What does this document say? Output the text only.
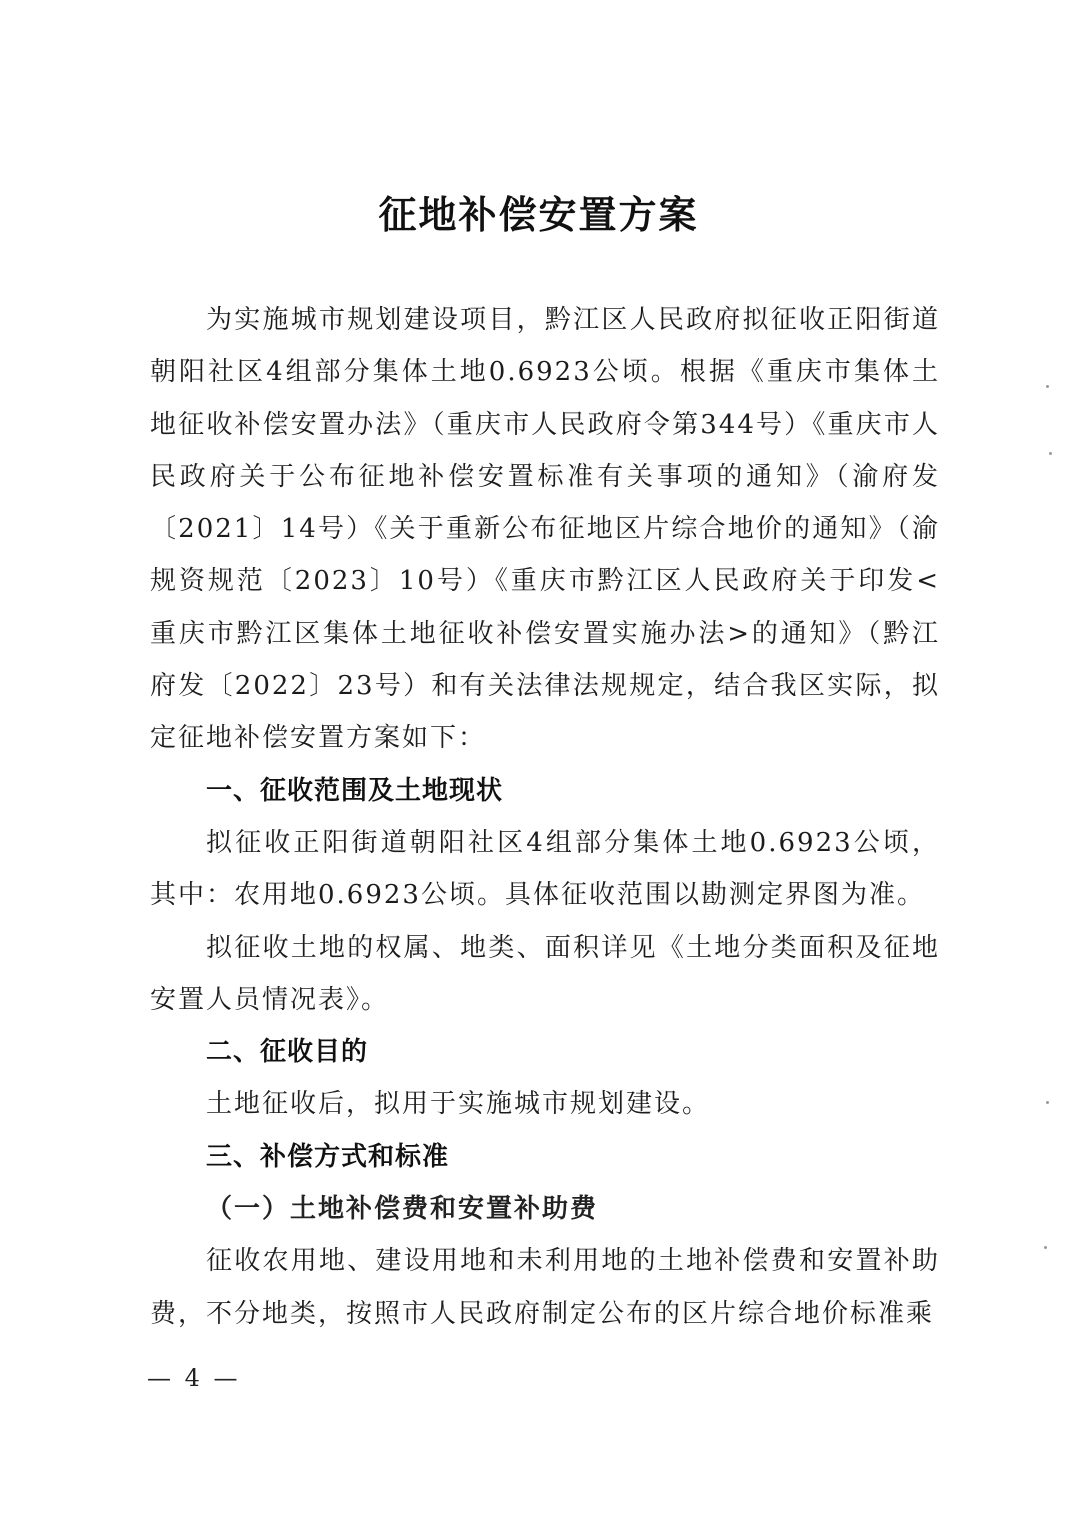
征地补偿安置方案

为实施城市规划建设项目，黔江区人民政府拟征收正阳街道朝阳社区4组部分集体土地0.6923公顷。根据《重庆市集体土地征收补偿安置办法》（重庆市人民政府令第344号）《重庆市人民政府关于公布征地补偿安置标准有关事项的通知》（渝府发〔2021〕14号）《关于重新公布征地区片综合地价的通知》（渝规资规范〔2023〕10号）《重庆市黔江区人民政府关于印发<重庆市黔江区集体土地征收补偿安置实施办法>的通知》（黔江府发〔2022〕23号）和有关法律法规规定，结合我区实际，拟定征地补偿安置方案如下：

一、征收范围及土地现状

拟征收正阳街道朝阳社区4组部分集体土地0.6923公顷，其中：农用地0.6923公顷。具体征收范围以勘测定界图为准。

拟征收土地的权属、地类、面积详见《土地分类面积及征地安置人员情况表》。

二、征收目的

土地征收后，拟用于实施城市规划建设。

三、补偿方式和标准

（一）土地补偿费和安置补助费

征收农用地、建设用地和未利用地的土地补偿费和安置补助费，不分地类，按照市人民政府制定公布的区片综合地价标准乘

— 4 —
